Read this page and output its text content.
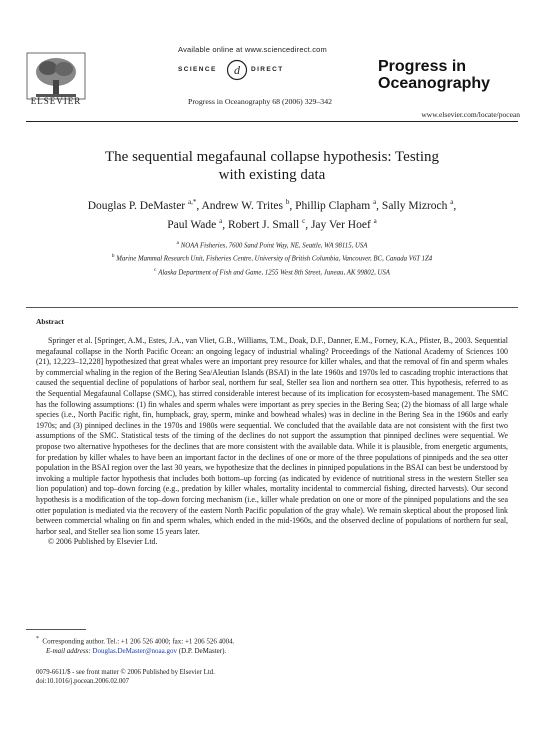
Available online at www.sciencedirect.com
SCIENCE d DIRECT
ELSEVIER
Progress in
Oceanography
Progress in Oceanography 68 (2006) 329–342
www.elsevier.com/locate/pocean
The sequential megafaunal collapse hypothesis: Testing
with existing data
Douglas P. DeMaster $^{a,*}$, Andrew W. Trites $^b$, Phillip Clapham $^a$, Sally Mizroch $^a$,
Paul Wade $^a$, Robert J. Small $^c$, Jay Ver Hoef $^a$
$^a$ NOAA Fisheries, 7600 Sand Point Way, NE, Seattle, WA 98115, USA
$^b$ Marine Mammal Research Unit, Fisheries Centre, University of British Columbia, Vancouver, BC, Canada V6T 1Z4
$^c$ Alaska Department of Fish and Game, 1255 West 8th Street, Juneau, AK 99802, USA
Abstract

Springer et al. [Springer, A.M., Estes, J.A., van Vliet, G.B., Williams, T.M., Doak, D.F., Danner, E.M., Forney, K.A., Pfister, B., 2003. Sequential megafaunal collapse in the North Pacific Ocean: an ongoing legacy of industrial whaling? Proceedings of the National Academy of Sciences 100 (21), 12,223–12,228] hypothesized that great whales were an important prey resource for killer whales, and that the removal of fin and sperm whales by commercial whaling in the region of the Bering Sea/Aleutian Islands (BSAI) in the late 1960s and 1970s led to cascading trophic interactions that caused the sequential decline of populations of harbor seal, northern fur seal, Steller sea lion and northern sea otter. This hypothesis, referred to as the Sequential Megafaunal Collapse (SMC), has stirred considerable interest because of its implication for ecosystem-based management. The SMC has the following assumptions: (1) fin whales and sperm whales were important as prey species in the Bering Sea; (2) the biomass of all large whale species (i.e., North Pacific right, fin, humpback, gray, sperm, minke and bowhead whales) was in decline in the Bering Sea in the 1960s and early 1970s; and (3) pinniped declines in the 1970s and 1980s were sequential. We concluded that the available data are not consistent with the first two assumptions of the SMC. Statistical tests of the timing of the declines do not support the assumption that pinniped declines were sequential. We propose two alternative hypotheses for the declines that are more consistent with the available data. While it is plausible, from energetic arguments, for predation by killer whales to have been an important factor in the declines of one or more of the three populations of pinnipeds and the sea otter population in the BSAI region over the last 30 years, we hypothesize that the declines in pinniped populations in the BSAI can best be understood by invoking a multiple factor hypothesis that includes both bottom–up forcing (as indicated by evidence of nutritional stress in the western Steller sea lion population) and top–down forcing (e.g., predation by killer whales, mortality incidental to commercial fishing, directed harvests). Our second hypothesis is a modification of the top–down forcing mechanism (i.e., killer whale predation on one or more of the pinniped populations and the sea otter population is mediated via the recovery of the eastern North Pacific population of the gray whale). We remain skeptical about the proposed link between commercial whaling on fin and sperm whales, which ended in the mid-1960s, and the observed decline of populations of northern fur seal, harbor seal, and Steller sea lion some 15 years later.

© 2006 Published by Elsevier Ltd.

* Corresponding author. Tel.: +1 206 526 4000; fax: +1 206 526 4004.
E-mail address: Douglas.DeMaster@noaa.gov (D.P. DeMaster).
0079-6611/$ - see front matter © 2006 Published by Elsevier Ltd.
doi:10.1016/j.pocean.2006.02.007
